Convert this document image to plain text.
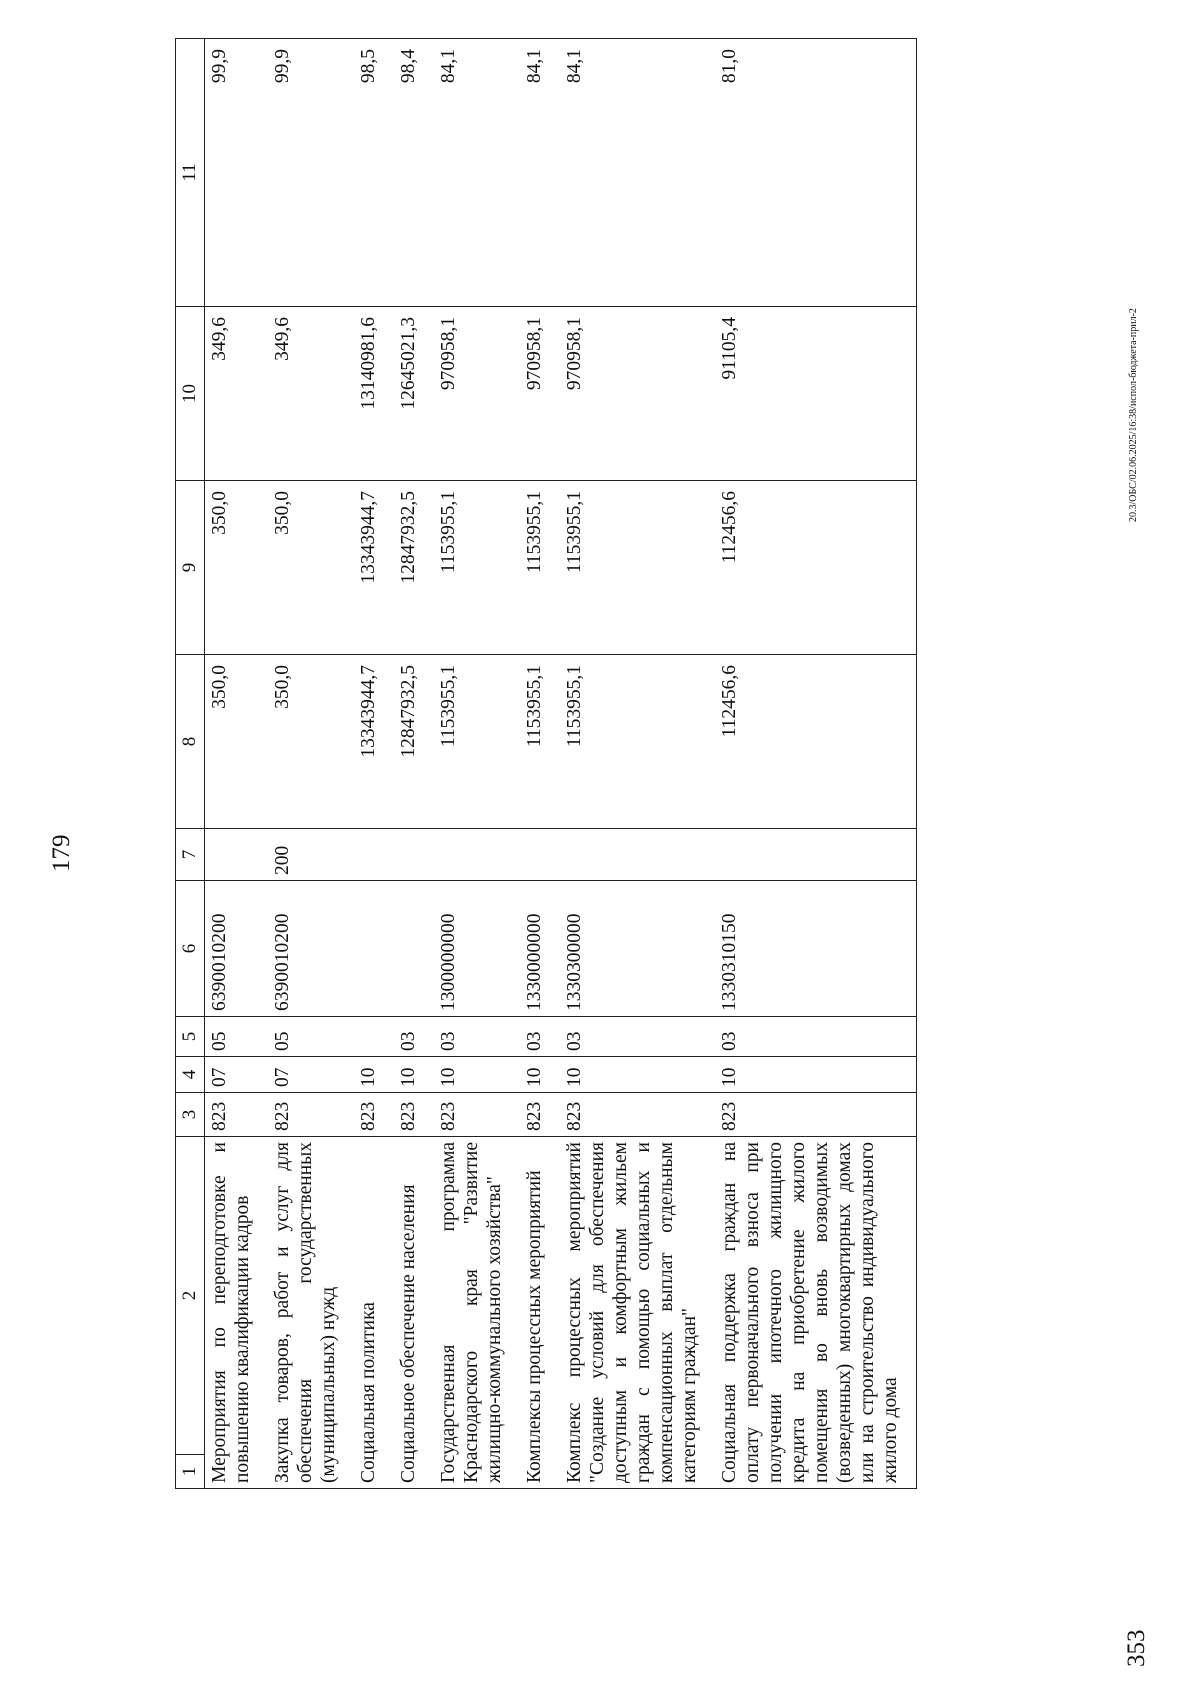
179
1	2	3	4	5	6	7	8	9	10	11
Мероприятия по переподготовке и повышению квалификации кадров		823	07	05	6390010200		350,0	350,0	349,6	99,9
Закупка товаров, работ и услуг для обеспечения государственных (муниципальных) нужд		823	07	05	6390010200	200	350,0	350,0	349,6	99,9
Социальная политика		823	10				13343944,7	13343944,7	13140981,6	98,5
Социальное обеспечение населения		823	10	03			12847932,5	12847932,5	12645021,3	98,4
Государственная программа Краснодарского края "Развитие жилищно-коммунального хозяйства"		823	10	03	1300000000		1153955,1	1153955,1	970958,1	84,1
Комплексы процессных мероприятий		823	10	03	1330000000		1153955,1	1153955,1	970958,1	84,1
Комплекс процессных мероприятий "Создание условий для обеспечения доступным и комфортным жильем граждан с помощью социальных и компенсационных выплат отдельным категориям граждан"		823	10	03	1330300000		1153955,1	1153955,1	970958,1	84,1
Социальная поддержка граждан на оплату первоначального взноса при получении ипотечного жилищного кредита на приобретение жилого помещения во вновь возводимых (возведенных) многоквартирных домах или на строительство индивидуального жилого дома		823	10	03	1330310150		112456,6	112456,6	91105,4	81,0
353
20.3/ОБС/02.06.2025/16:38/испол-бюджета-прил-2
